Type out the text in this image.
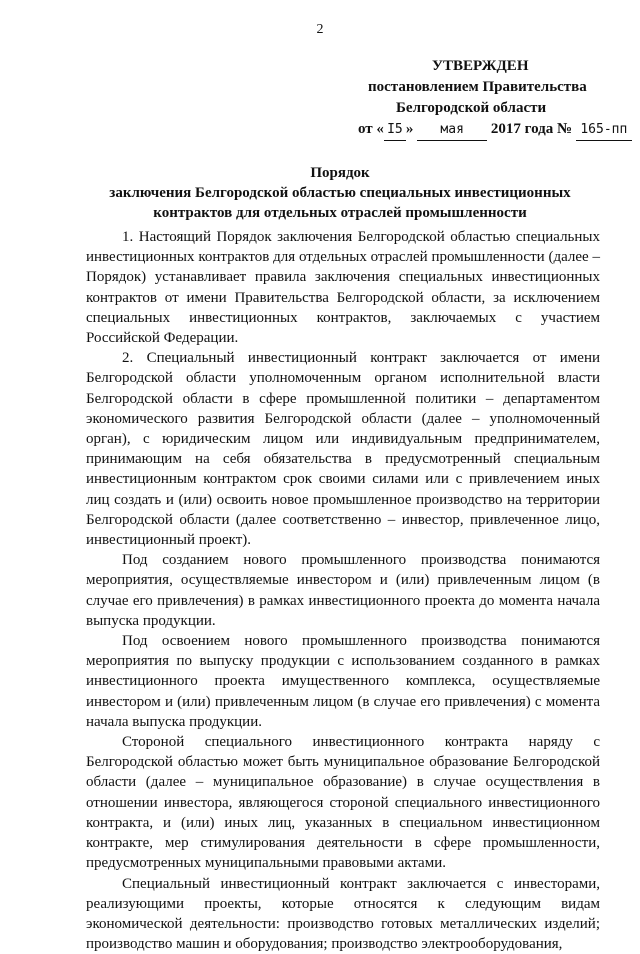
2
УТВЕРЖДЕН
постановлением Правительства
Белгородской области
от « I5 » мая 2017 года № 165-пп
Порядок
заключения Белгородской областью специальных инвестиционных
контрактов для отдельных отраслей промышленности

1. Настоящий Порядок заключения Белгородской областью специальных инвестиционных контрактов для отдельных отраслей промышленности (далее – Порядок) устанавливает правила заключения специальных инвестиционных контрактов от имени Правительства Белгородской области, за исключением специальных инвестиционных контрактов, заключаемых с участием Российской Федерации.

2. Специальный инвестиционный контракт заключается от имени Белгородской области уполномоченным органом исполнительной власти Белгородской области в сфере промышленной политики – департаментом экономического развития Белгородской области (далее – уполномоченный орган), с юридическим лицом или индивидуальным предпринимателем, принимающим на себя обязательства в предусмотренный специальным инвестиционным контрактом срок своими силами или с привлечением иных лиц создать и (или) освоить новое промышленное производство на территории Белгородской области (далее соответственно – инвестор, привлеченное лицо, инвестиционный проект).

Под созданием нового промышленного производства понимаются мероприятия, осуществляемые инвестором и (или) привлеченным лицом (в случае его привлечения) в рамках инвестиционного проекта до момента начала выпуска продукции.

Под освоением нового промышленного производства понимаются мероприятия по выпуску продукции с использованием созданного в рамках инвестиционного проекта имущественного комплекса, осуществляемые инвестором и (или) привлеченным лицом (в случае его привлечения) с момента начала выпуска продукции.

Стороной специального инвестиционного контракта наряду с Белгородской областью может быть муниципальное образование Белгородской области (далее – муниципальное образование) в случае осуществления в отношении инвестора, являющегося стороной специального инвестиционного контракта, и (или) иных лиц, указанных в специальном инвестиционном контракте, мер стимулирования деятельности в сфере промышленности, предусмотренных муниципальными правовыми актами.

Специальный инвестиционный контракт заключается с инвесторами, реализующими проекты, которые относятся к следующим видам экономической деятельности: производство готовых металлических изделий; производство машин и оборудования; производство электрооборудования,
